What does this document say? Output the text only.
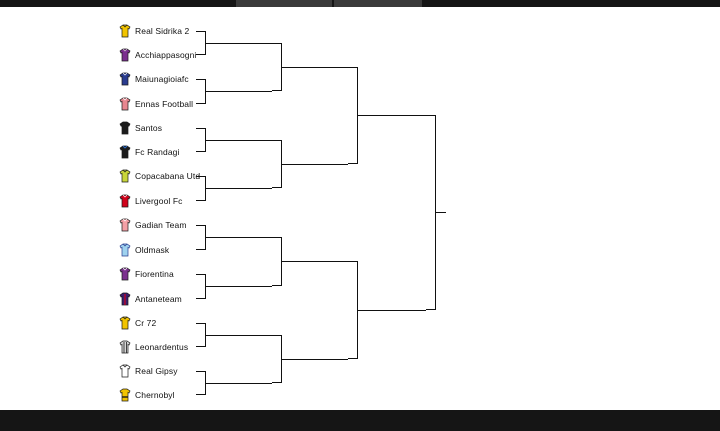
Real Sidrika 2
Acchiappasogni
Maiunagioiafc
Ennas Football
Santos
Fc Randagi
Copacabana Utd
Livergool Fc
Gadian Team
Oldmask
Fiorentina
Antaneteam
Cr 72
Leonardentus
Real Gipsy
Chernobyl
